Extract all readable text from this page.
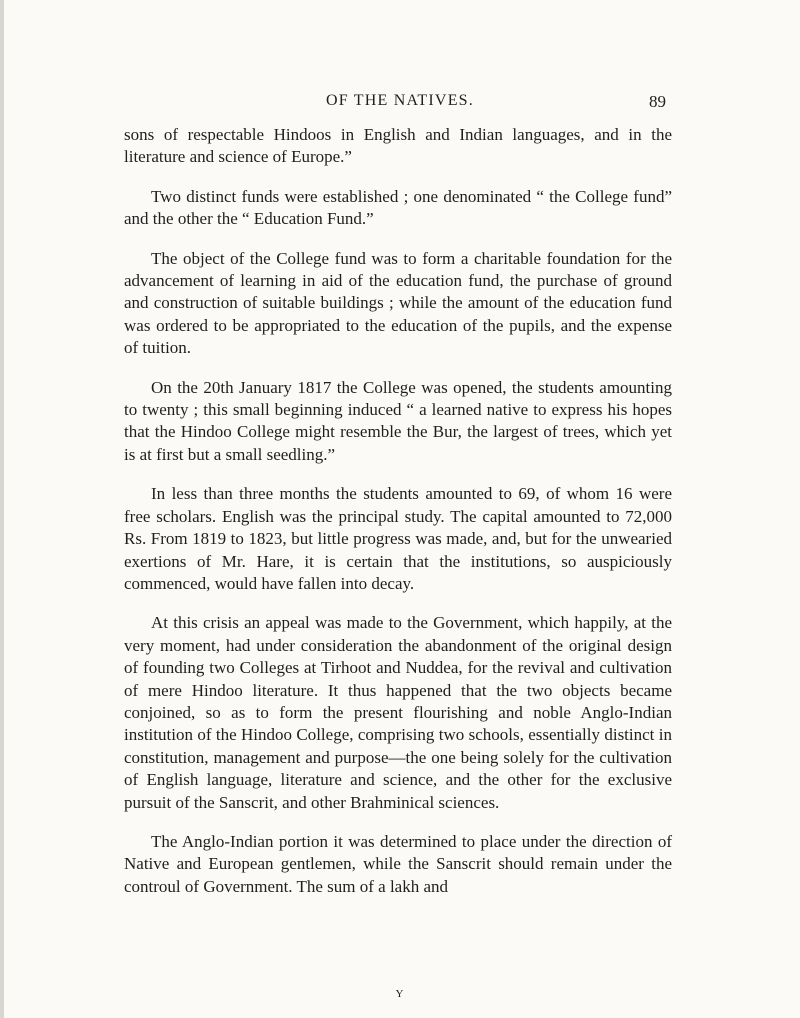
OF THE NATIVES.	89

sons of respectable Hindoos in English and Indian languages, and in the literature and science of Europe.”

Two distinct funds were established ; one denominated “ the College fund” and the other the “ Education Fund.”

The object of the College fund was to form a charitable foundation for the advancement of learning in aid of the education fund, the purchase of ground and construction of suitable buildings ; while the amount of the education fund was ordered to be appropriated to the education of the pupils, and the expense of tuition.

On the 20th January 1817 the College was opened, the students amounting to twenty ; this small beginning induced “ a learned native to express his hopes that the Hindoo College might resemble the Bur, the largest of trees, which yet is at first but a small seedling.”

In less than three months the students amounted to 69, of whom 16 were free scholars. English was the principal study. The capital amounted to 72,000 Rs. From 1819 to 1823, but little progress was made, and, but for the unwearied exertions of Mr. Hare, it is certain that the institutions, so auspiciously commenced, would have fallen into decay.

At this crisis an appeal was made to the Government, which happily, at the very moment, had under consideration the abandonment of the original design of founding two Colleges at Tirhoot and Nuddea, for the revival and cultivation of mere Hindoo literature. It thus happened that the two objects became conjoined, so as to form the present flourishing and noble Anglo-Indian institution of the Hindoo College, comprising two schools, essentially distinct in constitution, management and purpose—the one being solely for the cultivation of English language, literature and science, and the other for the exclusive pursuit of the Sanscrit, and other Brahminical sciences.

The Anglo-Indian portion it was determined to place under the direction of Native and European gentlemen, while the Sanscrit should remain under the controul of Government. The sum of a lakh and

Y
